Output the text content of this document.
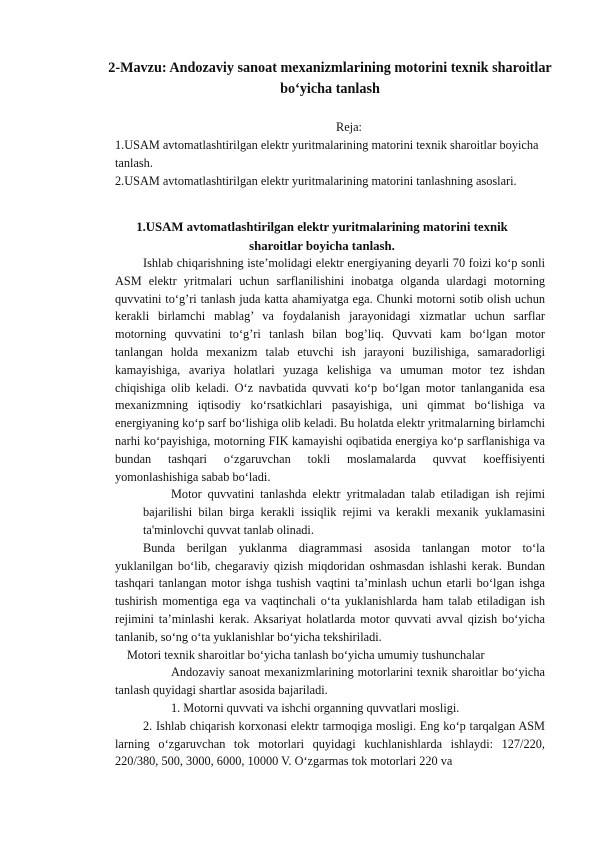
2-Mavzu: Andozaviy sanoat mexanizmlarining motorini texnik sharoitlar bo‘yicha tanlash
Reja:

1.USAM avtomatlashtirilgan elektr yuritmalarining matorini texnik sharoitlar boyicha tanlash.

2.USAM avtomatlashtirilgan elektr yuritmalarining matorini tanlashning asoslari.

1.USAM avtomatlashtirilgan elektr yuritmalarining matorini texnik sharoitlar boyicha tanlash.

Ishlab chiqarishning iste’molidagi elektr energiyaning deyarli 70 foizi ko‘p sonli ASM elektr yritmalari uchun sarflanilishini inobatga olganda ulardagi motorning quvvatini to‘g’ri tanlash juda katta ahamiyatga ega. Chunki motorni sotib olish uchun kerakli birlamchi mablag’ va foydalanish jarayonidagi xizmatlar uchun sarflar motorning quvvatini to‘g’ri tanlash bilan bog’liq. Quvvati kam bo‘lgan motor tanlangan holda mexanizm talab etuvchi ish jarayoni buzilishiga, samaradorligi kamayishiga, avariya holatlari yuzaga kelishiga va umuman motor tez ishdan chiqishiga olib keladi. O‘z navbatida quvvati ko‘p bo‘lgan motor tanlanganida esa mexanizmning iqtisodiy ko‘rsatkichlari pasayishiga, uni qimmat bo‘lishiga va energiyaning ko‘p sarf bo‘lishiga olib keladi. Bu holatda elektr yritmalarning birlamchi narhi ko‘payishiga, motorning FIK kamayishi oqibatida energiya ko‘p sarflanishiga va bundan tashqari o‘zgaruvchan tokli moslamalarda quvvat koeffisiyenti yomonlashishiga sabab bo‘ladi.

Motor quvvatini tanlashda elektr yritmaladan talab etiladigan ish rejimi bajarilishi bilan birga kerakli issiqlik rejimi va kerakli mexanik yuklamasini ta'minlovchi quvvat tanlab olinadi.

Bunda berilgan yuklanma diagrammasi asosida tanlangan motor to‘la yuklanilgan bo‘lib, chegaraviy qizish miqdoridan oshmasdan ishlashi kerak. Bundan tashqari tanlangan motor ishga tushish vaqtini ta’minlash uchun etarli bo‘lgan ishga tushirish momentiga ega va vaqtinchali o‘ta yuklanishlarda ham talab etiladigan ish rejimini ta’minlashi kerak. Aksariyat holatlarda motor quvvati avval qizish bo‘yicha tanlanib, so‘ng o‘ta yuklanishlar bo‘yicha tekshiriladi.

Motori texnik sharoitlar bo‘yicha tanlash bo‘yicha umumiy tushunchalar

Andozaviy sanoat mexanizmlarining motorlarini texnik sharoitlar bo‘yicha tanlash quyidagi shartlar asosida bajariladi.

1. Motorni quvvati va ishchi organning quvvatlari mosligi.

2. Ishlab chiqarish korxonasi elektr tarmoqiga mosligi. Eng ko‘p tarqalgan ASM larning o‘zgaruvchan tok motorlari quyidagi kuchlanishlarda ishlaydi: 127/220, 220/380, 500, 3000, 6000, 10000 V. O‘zgarmas tok motorlari 220 va
